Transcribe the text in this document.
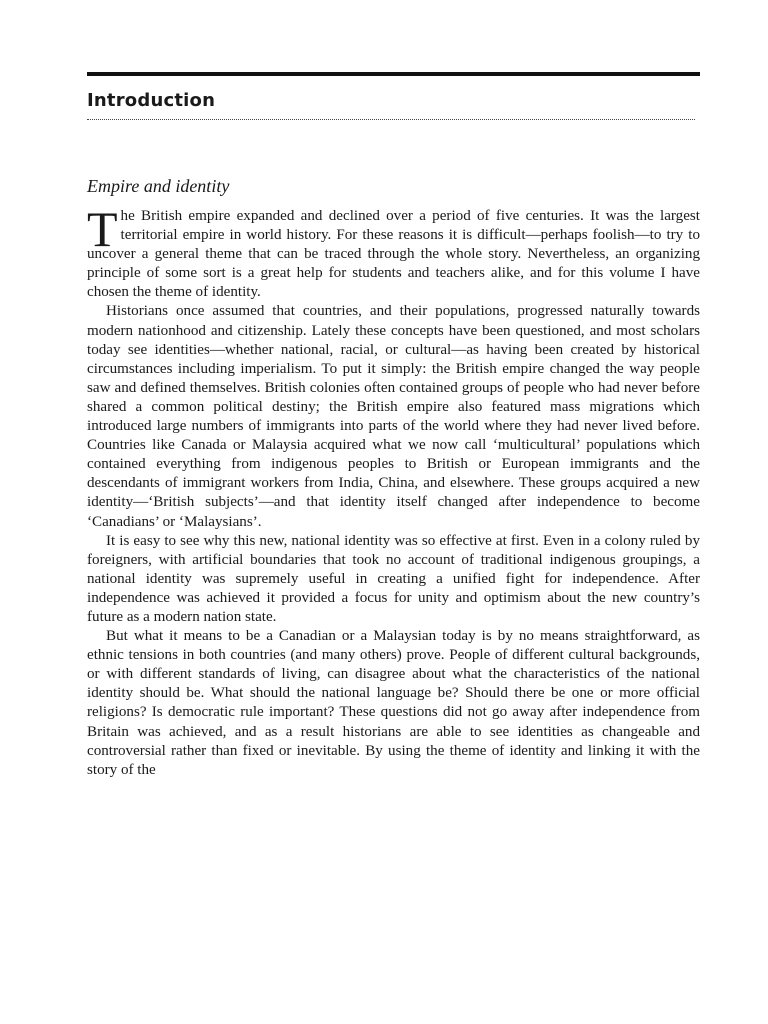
Introduction
Empire and identity

The British empire expanded and declined over a period of five centuries. It was the largest territorial empire in world history. For these reasons it is difficult—perhaps foolish—to try to uncover a general theme that can be traced through the whole story. Nevertheless, an organizing principle of some sort is a great help for students and teachers alike, and for this volume I have chosen the theme of identity.

Historians once assumed that countries, and their populations, progressed naturally towards modern nationhood and citizenship. Lately these concepts have been questioned, and most scholars today see identities—whether national, racial, or cultural—as having been created by historical circumstances including imperialism. To put it simply: the British empire changed the way people saw and defined themselves. British colonies often contained groups of people who had never before shared a common political destiny; the British empire also featured mass migrations which introduced large numbers of immigrants into parts of the world where they had never lived before. Countries like Canada or Malaysia acquired what we now call ‘multicultural’ populations which contained everything from indigenous peoples to British or European immigrants and the descendants of immigrant workers from India, China, and elsewhere. These groups acquired a new identity—‘British subjects’—and that identity itself changed after independence to become ‘Canadians’ or ‘Malaysians’.

It is easy to see why this new, national identity was so effective at first. Even in a colony ruled by foreigners, with artificial boundaries that took no account of traditional indigenous groupings, a national identity was supremely useful in creating a unified fight for independence. After independence was achieved it provided a focus for unity and optimism about the new country’s future as a modern nation state.

But what it means to be a Canadian or a Malaysian today is by no means straightforward, as ethnic tensions in both countries (and many others) prove. People of different cultural backgrounds, or with different standards of living, can disagree about what the characteristics of the national identity should be. What should the national language be? Should there be one or more official religions? Is democratic rule important? These questions did not go away after independence from Britain was achieved, and as a result historians are able to see identities as changeable and controversial rather than fixed or inevitable. By using the theme of identity and linking it with the story of the
